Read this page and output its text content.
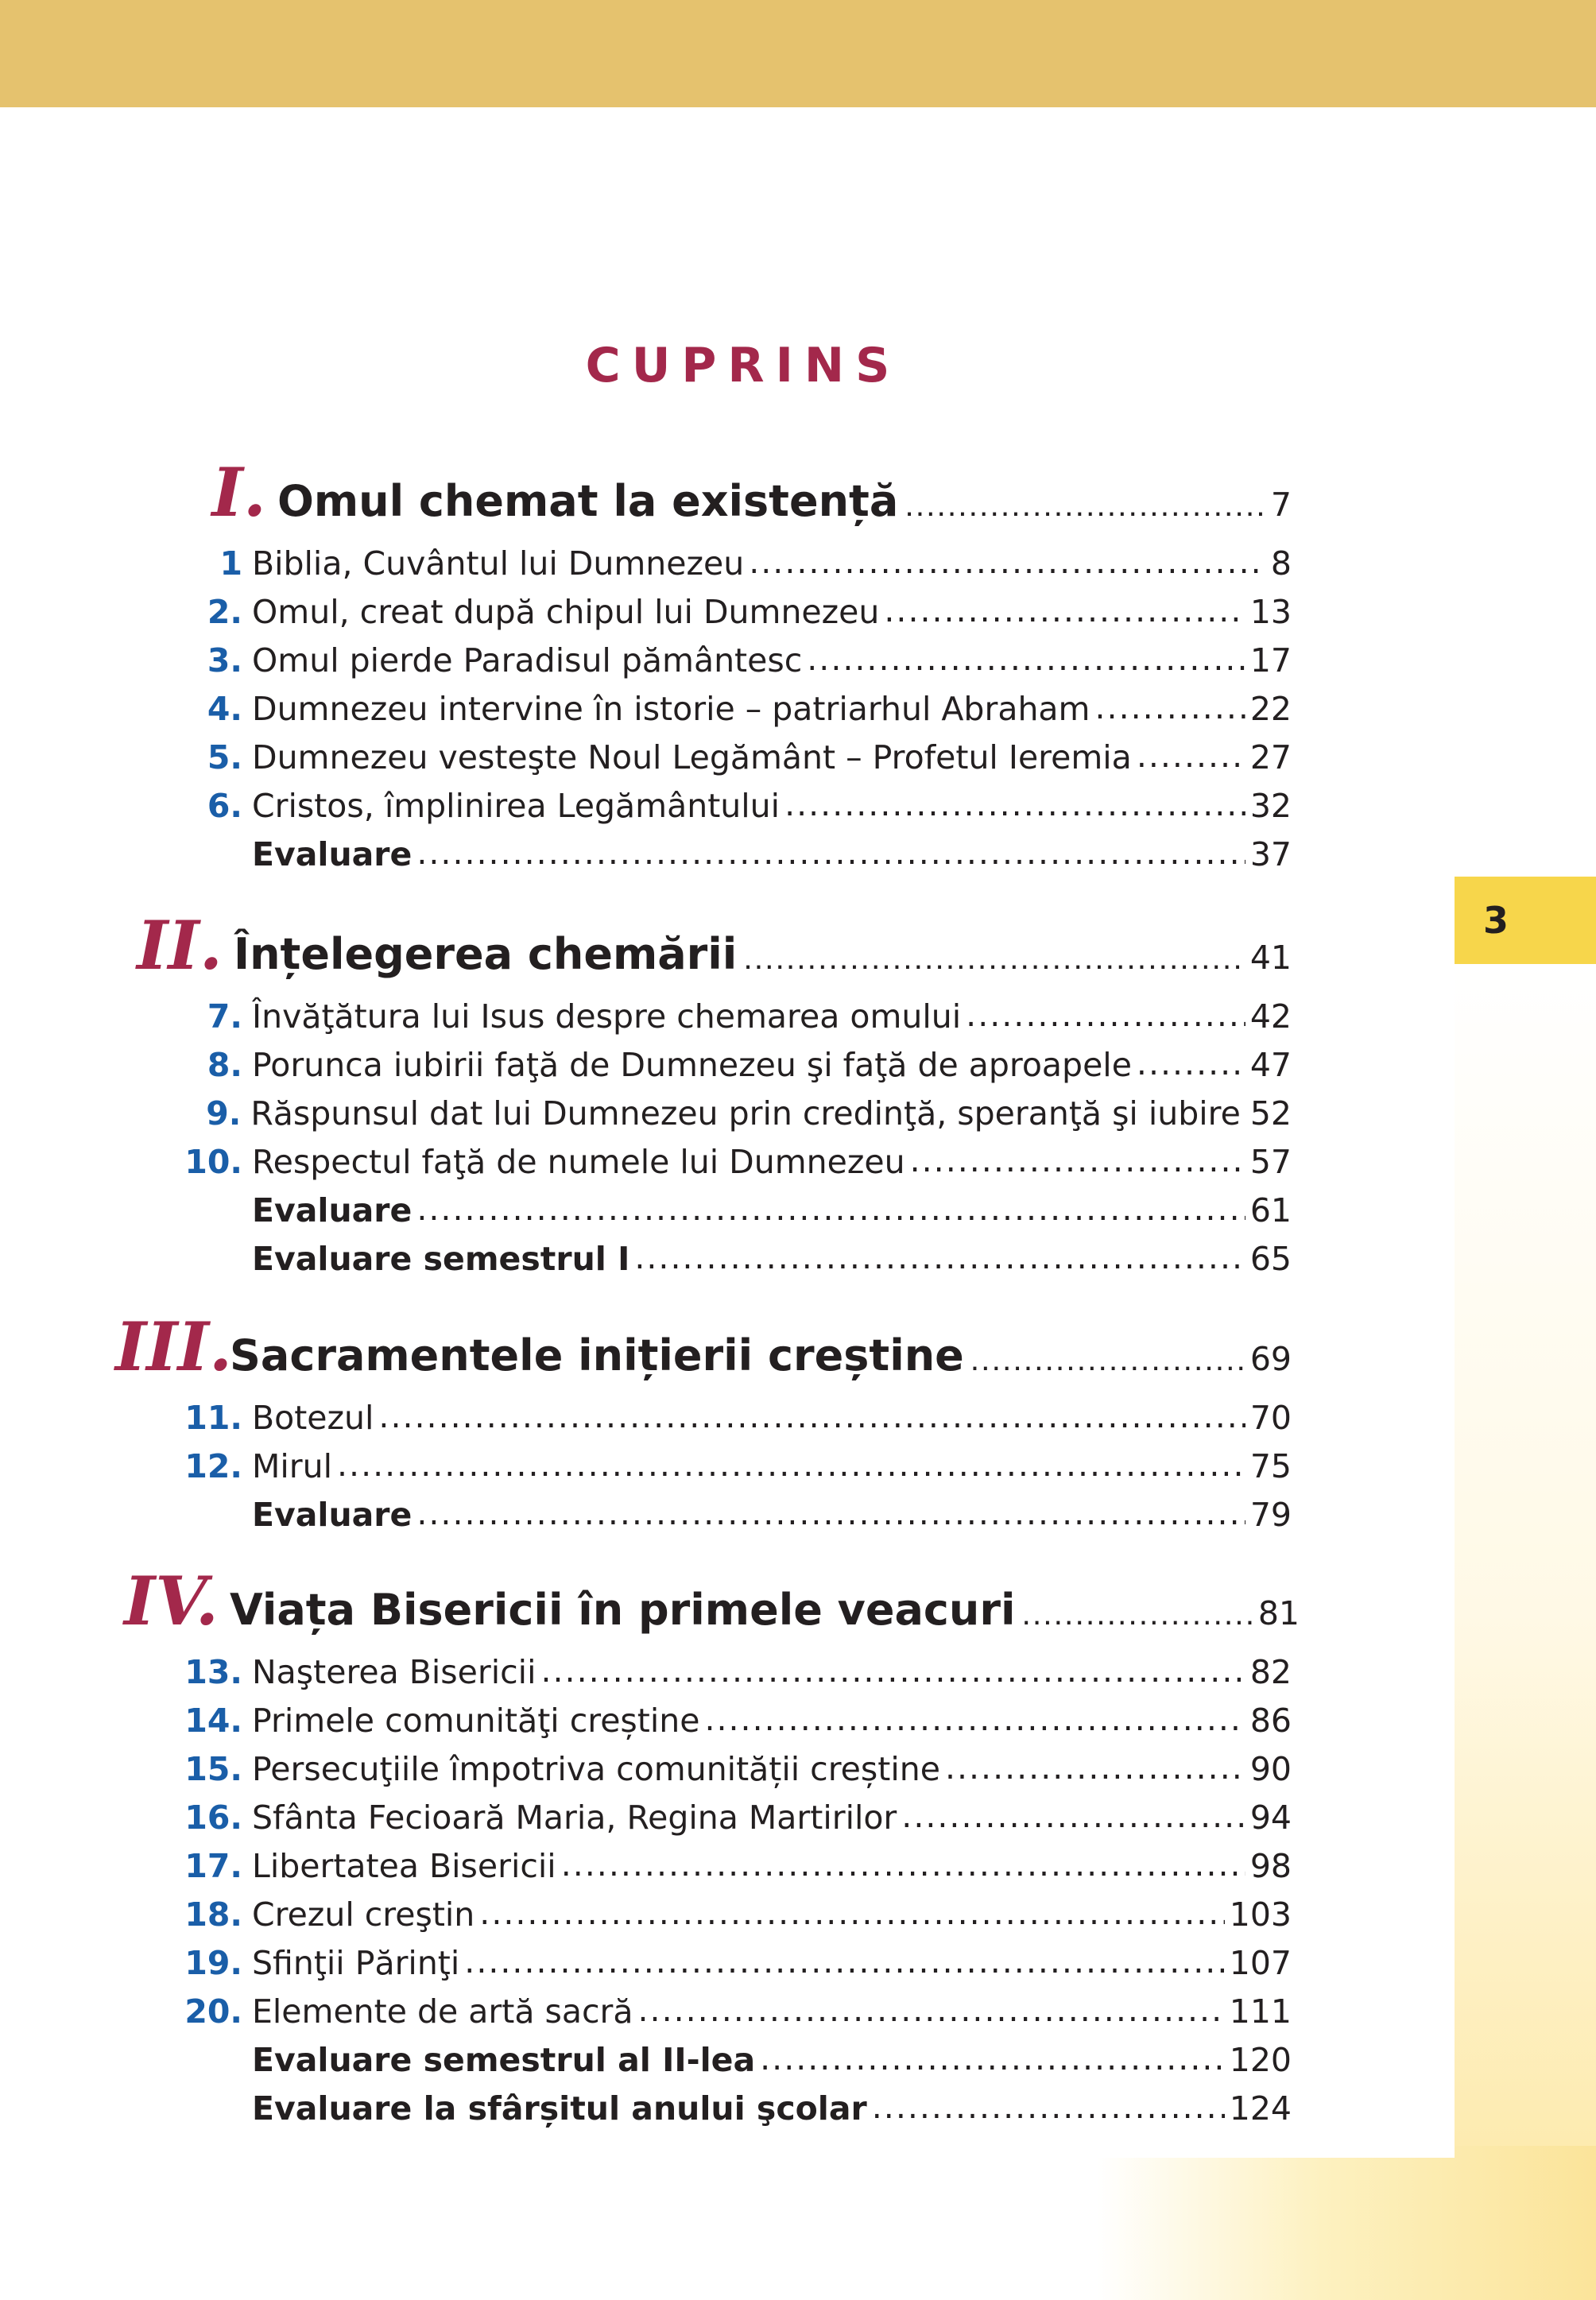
3
CUPRINS
I. Omul chemat la existență .....	7
1 Biblia, Cuvântul lui Dumnezeu .....	8
2. Omul, creat după chipul lui Dumnezeu .....	13
3. Omul pierde Paradisul pământesc .....	17
4. Dumnezeu intervine în istorie – patriarhul Abraham .....	22
5. Dumnezeu vesteşte Noul Legământ – Profetul Ieremia .....	27
6. Cristos, împlinirea Legământului .....	32
Evaluare .....	37
II. Înțelegerea chemării .....	41
7. Învăţătura lui Isus despre chemarea omului .....	42
8. Porunca iubirii faţă de Dumnezeu şi faţă de aproapele .....	47
9. Răspunsul dat lui Dumnezeu prin credinţă, speranţă şi iubire 52
10. Respectul faţă de numele lui Dumnezeu .....	57
Evaluare .....	61
Evaluare semestrul I .....	65
III.
Sacramentele inițierii creștine .....	69
11. Botezul .....	70
12. Mirul .....	75
Evaluare .....	79
IV. Viața Bisericii în primele veacuri .....	81
13. Naşterea Bisericii .....	82
14. Primele comunităţi creștine .....	86
15. Persecuţiile împotriva comunității creștine .....	90
16. Sfânta Fecioară Maria, Regina Martirilor .....	94
17. Libertatea Bisericii .....	98
18. Crezul creştin .....	103
19. Sfinţii Părinţi .....	107
20. Elemente de artă sacră .....	111
Evaluare semestrul al II-lea .....	120
Evaluare la sfârșitul anului şcolar .....	124
